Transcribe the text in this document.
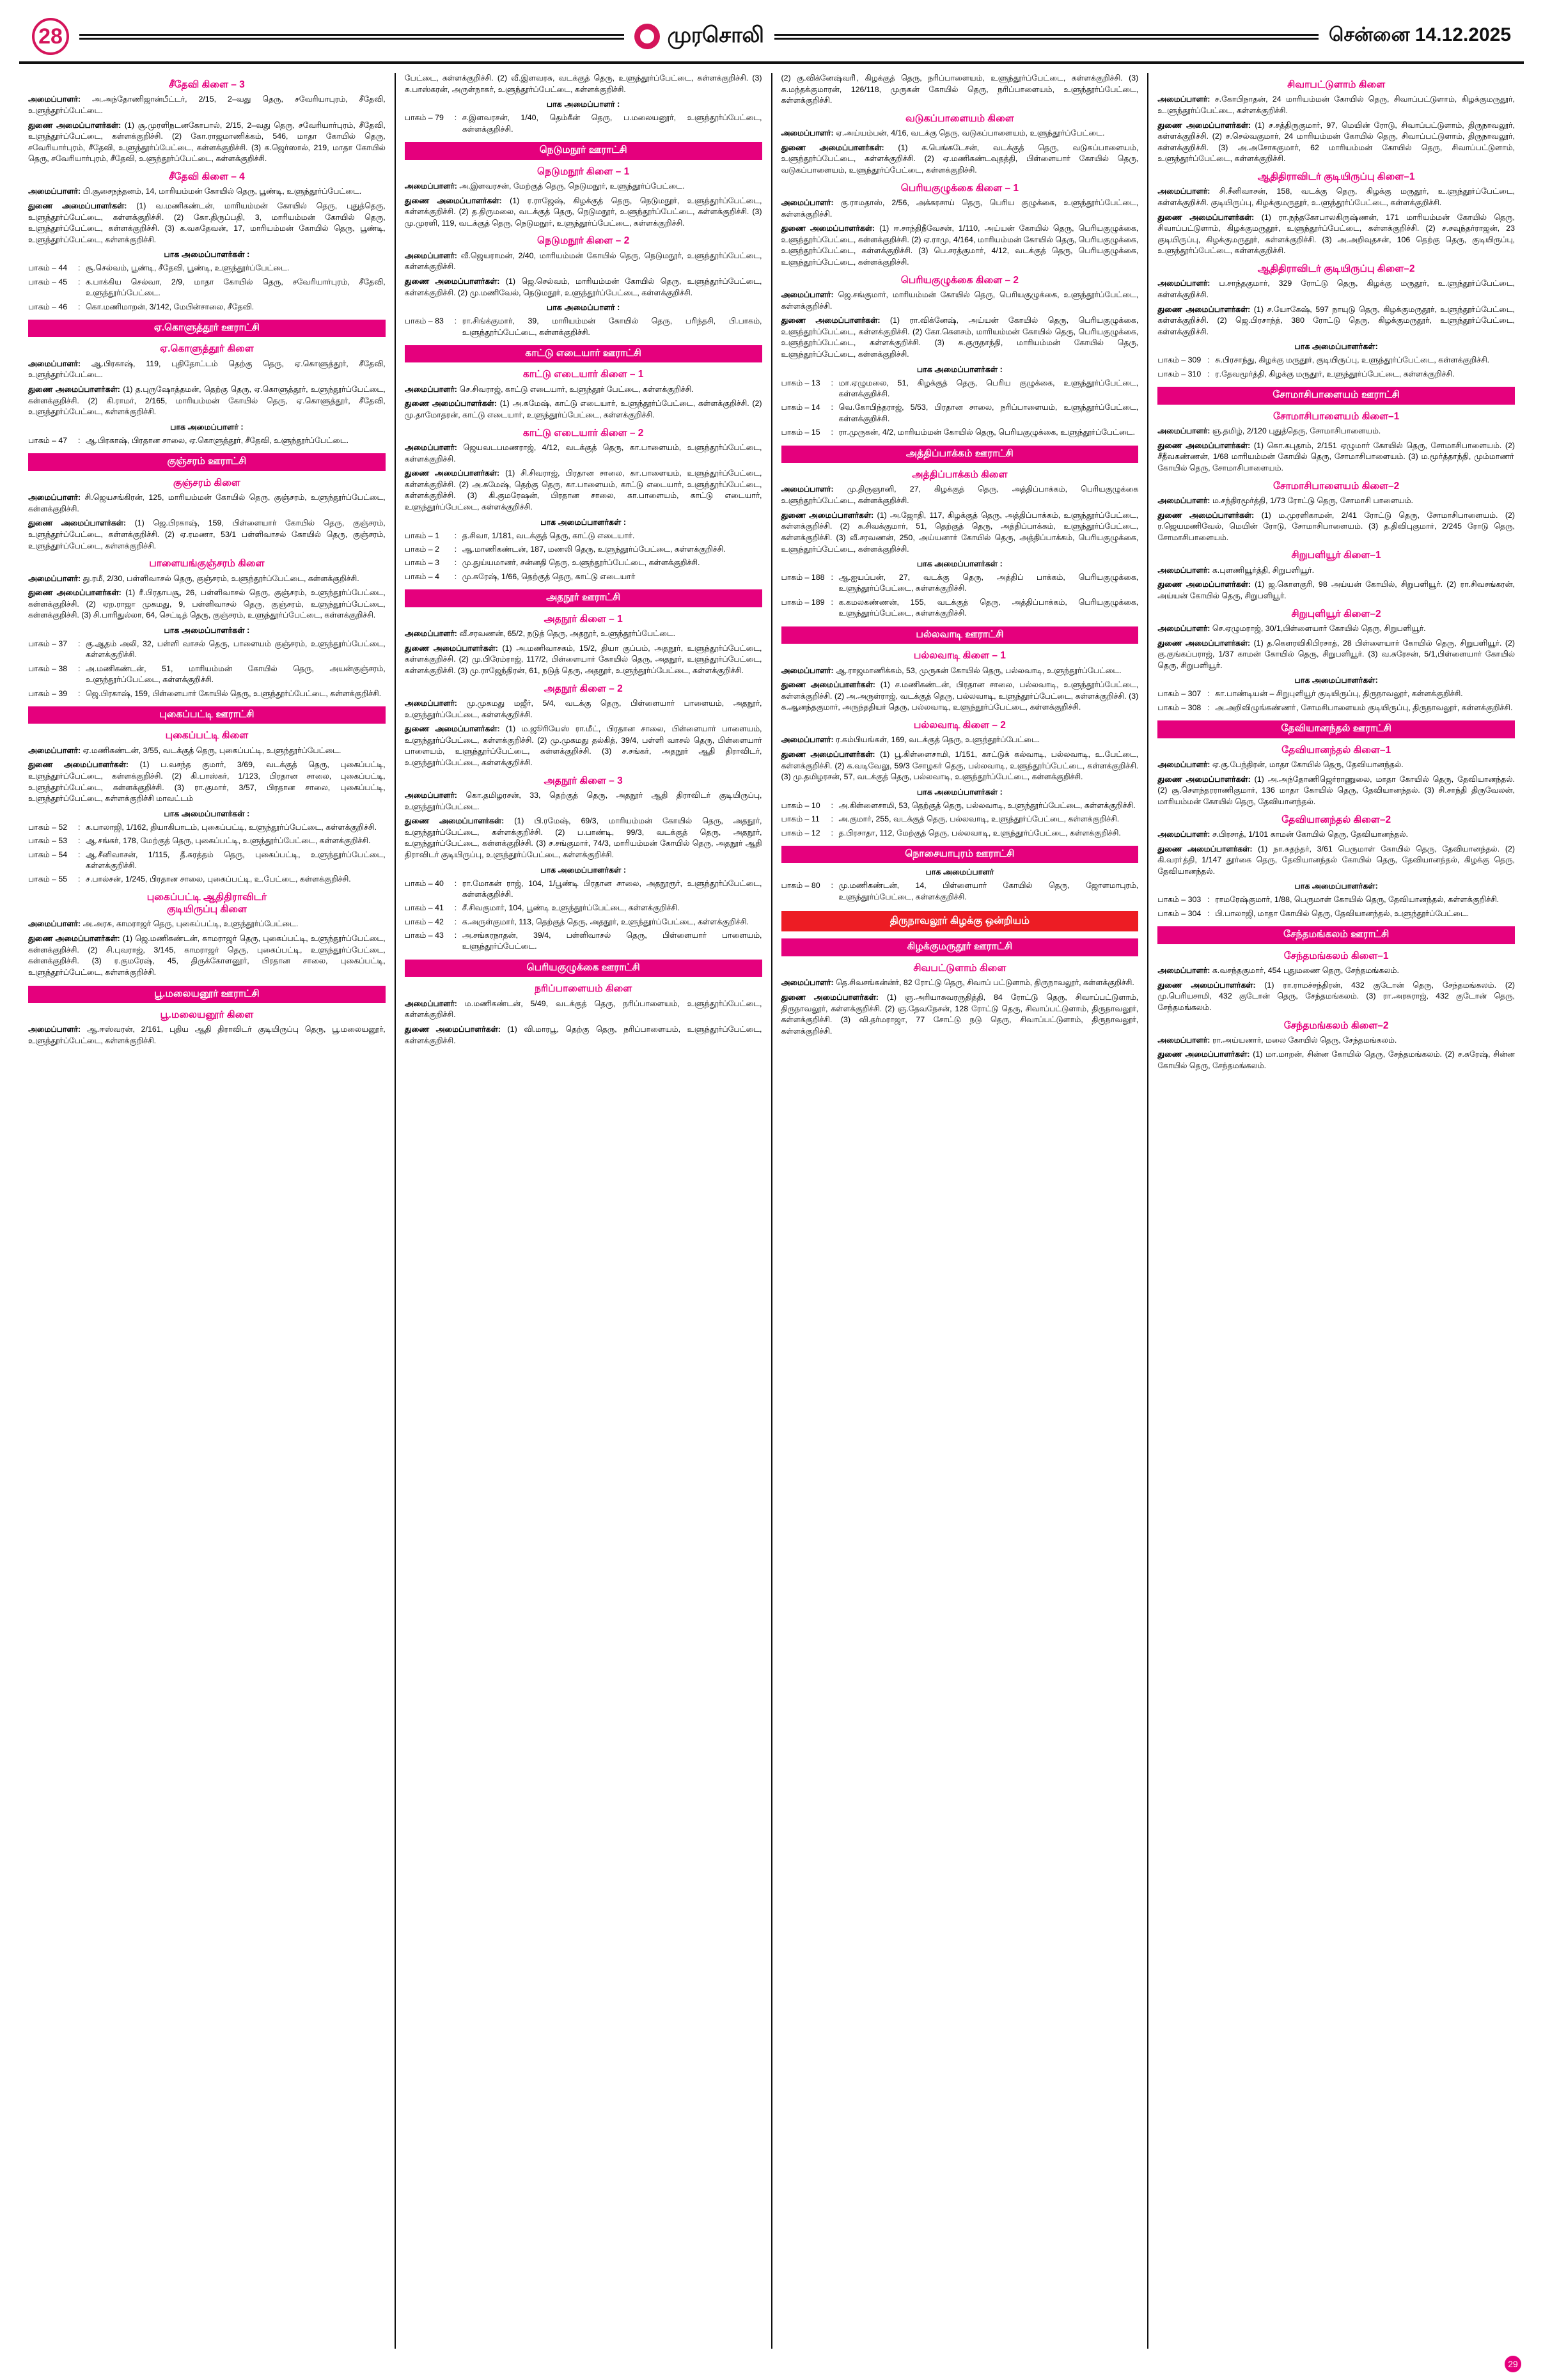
28	முரசொலி	சென்னை 14.12.2025
சீதேவி கிளை – 3

அமைப்பாளர்: அ.அந்தோணிஜான்பீட்டர், 2/15, 2–வது தெரு, சவேரியாபுரம், சீதேவி, உளுந்தூர்ப்பேட்டை.

துணை அமைப்பாளர்கள்: (1) சூ.முரளிநடனகோபால், 2/15, 2–வது தெரு, சவேரியார்புரம், சீதேவி, உளுந்தூர்ப்பேட்டை, கள்ளக்குறிச்சி. (2) கோ.ராஜமாணிக்கம், 546, மாதா கோயில் தெரு, சவேரியார்புரம், சீதேவி, உளுந்தூர்ப்பேட்டை, கள்ளக்குறிச்சி. (3) க.ஜெர்ஸால், 219, மாதா கோயில் தெரு, சவேரியார்புரம், சீதேவி, உளுந்தூர்ப்பேட்டை, கள்ளக்குறிச்சி.

சீதேவி கிளை – 4

அமைப்பாளர்: பி.சூசைநந்தனம், 14, மாரியம்மன் கோயில் தெரு, பூண்டி, உளுந்தூர்ப்பேட்டை.

துணை அமைப்பாளர்கள்: (1) வ.மணிகண்டன், மாரியம்மன் கோயில் தெரு, புதுத்தெரு, உளுந்தூர்ப்பேட்டை, கள்ளக்குறிச்சி. (2) கோ.திருப்பதி, 3, மாரியம்மன் கோயில் தெரு, உளுந்தூர்ப்பேட்டை, கள்ளக்குறிச்சி. (3) க.வசுதேவன், 17, மாரியம்மன் கோயில் தெரு, பூண்டி, உளுந்தூர்ப்பேட்டை, கள்ளக்குறிச்சி.

பாக அமைப்பாளர்கள் :
பாகம் – 44	: சூ.செல்வம், பூண்டி, சீதேவி, பூண்டி, உளுந்தூர்ப்பேட்டை.
பாகம் – 45	: க.பாக்கிய செல்வா, 2/9, மாதா கோயில் தெரு, சவேரியார்புரம், சீதேவி, உளுந்தூர்ப்பேட்டை.
பாகம் – 46	: கொ.மணிமாறன், 3/142, மேபின்சாலை, சீதேவி.
ஏ.கொளுத்தூர் ஊராட்சி
ஏ.கொளுத்தூர் கிளை

அமைப்பாளர்: ஆ.பிரகாஷ், 119, புதிதோட்டம் தெற்கு தெரு, ஏ.கொளுத்தூர், சீதேவி, உளுந்தூர்ப்பேட்டை.

துணை அமைப்பாளர்கள்: (1) த.புருஷோத்தமன், தெற்கு தெரு, ஏ.கொளுத்தூர், உளுந்தூர்ப்பேட்டை, கள்ளக்குறிச்சி. (2) கி.ராமர், 2/165, மாரியம்மன் கோயில் தெரு, ஏ.கொளுத்தூர், சீதேவி, உளுந்தூர்ப்பேட்டை, கள்ளக்குறிச்சி.

பாக அமைப்பாளர் :
பாகம் – 47	: ஆ.பிரகாஷ், பிரதான சாலை, ஏ.கொளுத்தூர், சீதேவி, உளுந்தூர்ப்பேட்டை.
குஞ்சரம் ஊராட்சி
குஞ்சரம் கிளை

அமைப்பாளர்: சி.ஜெயசங்கிரன், 125, மாரியம்மன் கோயில் தெரு, குஞ்சரம், உளுந்தூர்ப்பேட்டை, கள்ளக்குறிச்சி.

துணை அமைப்பாளர்கள்: (1) ஜெ.பிரகாஷ், 159, பிள்ளையார் கோயில் தெரு, குஞ்சரம், உளுந்தூர்ப்பேட்டை, கள்ளக்குறிச்சி. (2) ஏ.ரமணா, 53/1 பள்ளிவாசல் கோயில் தெரு, குஞ்சரம், உளுந்தூர்ப்பேட்டை, கள்ளக்குறிச்சி.

பாளையங்குஞ்சரம் கிளை

அமைப்பாளர்: து.ரமீ, 2/30, பள்ளிவாசல் தெரு, குஞ்சரம், உளுந்தூர்ப்பேட்டை, கள்ளக்குறிச்சி.

துணை அமைப்பாளர்கள்: (1) ரீ.பிரதாபசூ, 26, பள்ளிவாசல் தெரு, குஞ்சரம், உளுந்தூர்ப்பேட்டை, கள்ளக்குறிச்சி. (2) ஏற.ராஜா முகமது, 9, பள்ளிவாசல் தெரு, குஞ்சரம், உளுந்தூர்ப்பேட்டை, கள்ளக்குறிச்சி. (3) சி.பாரிதுல்லா, 64, செட்டித் தெரு, குஞ்சரம், உளுந்தூர்ப்பேட்டை, கள்ளக்குறிச்சி.

பாக அமைப்பாளர்கள் :
பாகம் – 37	: கு.ஆதம் அலி, 32, பள்ளி வாசல் தெரு, பாளையம் குஞ்சரம், உளுந்தூர்ப்பேட்டை, கள்ளக்குறிச்சி.
பாகம் – 38	: அ.மணிகண்டன், 51, மாரியம்மன் கோயில் தெரு, அயன்குஞ்சரம், உளுந்தூர்ப்பேட்டை, கள்ளக்குறிச்சி.
பாகம் – 39	: ஜெ.பிரகாஷ், 159, பிள்ளையார் கோயில் தெரு, உளுந்தூர்ப்பேட்டை, கள்ளக்குறிச்சி.
புகைப்பட்டி ஊராட்சி
புகைப்பட்டி கிளை

அமைப்பாளர்: ஏ.மணிகண்டன், 3/55, வடக்குத் தெரு, புகைப்பட்டி, உளுந்தூர்ப்பேட்டை.

துணை அமைப்பாளர்கள்: (1) ப.வசந்த குமார், 3/69, வடக்குத் தெரு, புகைப்பட்டி, உளுந்தூர்ப்பேட்டை, கள்ளக்குறிச்சி. (2) கி.பாஸ்கர், 1/123, பிரதான சாலை, புகைப்பட்டி, உளுந்தூர்ப்பேட்டை, கள்ளக்குறிச்சி. (3) ரா.குமார், 3/57, பிரதான சாலை, புகைப்பட்டி, உளுந்தூர்ப்பேட்டை, கள்ளக்குறிச்சி மாவட்டம்

பாக அமைப்பாளர்கள் :
பாகம் – 52	: க.பாலாஜி, 1/162, தியாகிபாடம், புகைப்பட்டி, உளுந்தூர்ப்பேட்டை, கள்ளக்குறிச்சி.
பாகம் – 53	: ஆ.சங்கர், 178, மேற்குத் தெரு, புகைப்பட்டி, உளுந்தூர்ப்பேட்டை, கள்ளக்குறிச்சி.
பாகம் – 54	: ஆ.சீனிவாசன், 1/115, தீ.சுரத்தம் தெரு, புகைப்பட்டி, உளுந்தூர்ப்பேட்டை, கள்ளக்குறிச்சி.
பாகம் – 55	: ச.பால்சன், 1/245, பிரதான சாலை, புகைப்பட்டி, உ.பேட்டை, கள்ளக்குறிச்சி.
புகைப்பட்டி ஆதிதிராவிடர்
குடியிருப்பு கிளை

அமைப்பாளர்: அ.அரசு, காமராஜர் தெரு, புகைப்பட்டி, உளுந்தூர்ப்பேட்டை.

துணை அமைப்பாளர்கள்: (1) ஜெ.மணிகண்டன், காமராஜர் தெரு, புகைப்பட்டி, உளுந்தூர்ப்பேட்டை, கள்ளக்குறிச்சி. (2) சி.புவராஜ், 3/145, காமராஜர் தெரு, புகைப்பட்டி, உளுந்தூர்ப்பேட்டை, கள்ளக்குறிச்சி. (3) ர.குமரேஷ், 45, திருக்கோளனூர், பிரதான சாலை, புகைப்பட்டி, உளுந்தூர்ப்பேட்டை, கள்ளக்குறிச்சி.

பூ.மலையனூர் ஊராட்சி
பூ.மலையனூர் கிளை

அமைப்பாளர்: ஆ.ஈஸ்வரன், 2/161, புதிய ஆதி திராவிடர் குடியிருப்பு தெரு, பூ.மலையனூர், உளுந்தூர்ப்பேட்டை, கள்ளக்குறிச்சி.

பேட்டை, கள்ளக்குறிச்சி. (2) வீ.இளவரசு, வடக்குத் தெரு, உளுந்தூர்ப்பேட்டை, கள்ளக்குறிச்சி. (3) சு.பாஸ்கரன், அருள்நாகர், உளுந்தூர்ப்பேட்டை, கள்ளக்குறிச்சி.

பாக அமைப்பாளர் :
பாகம் – 79	: ச.இளவரசன், 1/40, தெம்கீன் தெரு, ப.மலையனூர், உளுந்தூர்ப்பேட்டை, கள்ளக்குறிச்சி.
நெடுமநூர் ஊராட்சி
நெடுமநூர் கிளை – 1

அமைப்பாளர்: அ.இளவரசன், மேற்குத் தெரு, நெடுமநூர், உளுந்தூர்ப்பேட்டை.

துணை அமைப்பாளர்கள்: (1) ர.ராஜேஷ், கிழக்குத் தெரு, நெடுமநூர், உளுந்தூர்ப்பேட்டை, கள்ளக்குறிச்சி. (2) த.திருமலை, வடக்குத் தெரு, நெடுமநூர், உளுந்தூர்ப்பேட்டை, கள்ளக்குறிச்சி. (3) மு.முரளி, 119, வடக்குத் தெரு, நெடுமநூர், உளுந்தூர்ப்பேட்டை, கள்ளக்குறிச்சி.

நெடுமநூர் கிளை – 2

அமைப்பாளர்: வீ.ஜெயராமன், 2/40, மாரியம்மன் கோயில் தெரு, நெடுமநூர், உளுந்தூர்ப்பேட்டை, கள்ளக்குறிச்சி.

துணை அமைப்பாளர்கள்: (1) ஜெ.செல்வம், மாரியம்மன் கோயில் தெரு, உளுந்தூர்ப்பேட்டை, கள்ளக்குறிச்சி. (2) மு.மணிவேல், நெடுமநூர், உளுந்தூர்ப்பேட்டை, கள்ளக்குறிச்சி.

பாக அமைப்பாளர் :
பாகம் – 83	: ரா.சிங்க்குமார், 39, மாரியம்மன் கோயில் தெரு, பரிந்தசி, பி.பாகம், உளுந்தூர்ப்பேட்டை, கள்ளக்குறிச்சி.
காட்டு எடையார் ஊராட்சி
காட்டு எடையார் கிளை – 1

அமைப்பாளர்: செ.சிவராஜ், காட்டு எடையார், உளுந்தூர் பேட்டை, கள்ளக்குறிச்சி.

துணை அமைப்பாளர்கள்: (1) அ.கமேஷ், காட்டு எடையார், உளுந்தூர்ப்பேட்டை, கள்ளக்குறிச்சி. (2) மு.தாமோதரன், காட்டு எடையார், உளுந்தூர்ப்பேட்டை, கள்ளக்குறிச்சி.

காட்டு எடையார் கிளை – 2

அமைப்பாளர்: ஜெயவடபமணராஜ், 4/12, வடக்குத் தெரு, கா.பாளையம், உளுந்தூர்ப்பேட்டை, கள்ளக்குறிச்சி.

துணை அமைப்பாளர்கள்: (1) சி.சிவராஜ், பிரதான சாலை, கா.பாளையம், உளுந்தூர்ப்பேட்டை, கள்ளக்குறிச்சி. (2) அ.கமேஷ், தெற்கு தெரு, கா.பாளையம், காட்டு எடையார், உளுந்தூர்ப்பேட்டை, கள்ளக்குறிச்சி. (3) கி.குமரேஷன், பிரதான சாலை, கா.பாளையம், காட்டு எடையார், உளுந்தூர்ப்பேட்டை, கள்ளக்குறிச்சி.

பாக அமைப்பாளர்கள் :
பாகம் – 1	: த.சிவா, 1/181, வடக்குத் தெரு, காட்டு எடையார்.
பாகம் – 2	: ஆ.மாணிகண்டன், 187, மணலி தெரு, உளுந்தூர்ப்பேட்டை, கள்ளக்குறிச்சி.
பாகம் – 3	: மு.துய்யமானர், சன்னதி தெரு, உளுந்தூர்ப்பேட்டை, கள்ளக்குறிச்சி.
பாகம் – 4	: மு.சுரேஷ், 1/66, தெற்குத் தெரு, காட்டு எடையார்
அதநூர் ஊராட்சி
அதநூர் கிளை – 1

அமைப்பாளர்: வீ.சரவணன், 65/2, நடுத் தெரு, அதநூர், உளுந்தூர்ப்பேட்டை.

துணை அமைப்பாளர்கள்: (1) அ.மணிவாசகம், 15/2, தியா குப்பம், அதநூர், உளுந்தூர்ப்பேட்டை, கள்ளக்குறிச்சி. (2) மு.பிரேம்ராஜ், 117/2, பிள்ளையார் கோயில் தெரு, அதநூர், உளுந்தூர்ப்பேட்டை, கள்ளக்குறிச்சி. (3) மு.ராஜேந்திரன், 61, நடுத் தெரு, அதநூர், உளுந்தூர்ப்பேட்டை, கள்ளக்குறிச்சி.

அதநூர் கிளை – 2

அமைப்பாளர்: மு.முகமது மஜீர், 5/4, வடக்கு தெரு, பிள்ளையார் பாளையம், அதநூர், உளுந்தூர்ப்பேட்டை, கள்ளக்குறிச்சி.

துணை அமைப்பாளர்கள்: (1) ம.ஜூரியேஸ் ரா.மீட், பிரதான சாலை, பிள்ளையார் பாளையம், உளுந்தூர்ப்பேட்டை, கள்ளக்குறிச்சி. (2) மு.முகமது தல்கித், 39/4, பள்ளி வாசல் தெரு, பிள்ளையார் பாளையம், உளுந்தூர்ப்பேட்டை, கள்ளக்குறிச்சி. (3) ச.சங்கர், அதநூர் ஆதி திராவிடர், உளுந்தூர்ப்பேட்டை, கள்ளக்குறிச்சி.

அதநூர் கிளை – 3

அமைப்பாளர்: கொ.தமிழரசன், 33, தெற்குத் தெரு, அதநூர் ஆதி திராவிடர் குடியிருப்பு, உளுந்தூர்ப்பேட்டை.

துணை அமைப்பாளர்கள்: (1) பி.ரமேஷ், 69/3, மாரியம்மன் கோயில் தெரு, அதநூர், உளுந்தூர்ப்பேட்டை, கள்ளக்குறிச்சி. (2) ப.பாண்டி, 99/3, வடக்குத் தெரு, அதநூர், உளுந்தூர்ப்பேட்டை, கள்ளக்குறிச்சி. (3) ச.சங்குமார், 74/3, மாரியம்மன் கோயில் தெரு, அதநூர் ஆதி திராவிடர் குடியிருப்பு, உளுந்தூர்ப்பேட்டை, கள்ளக்குறிச்சி.

பாக அமைப்பாளர்கள் :
பாகம் – 40	: ரா.மோகன் ராஜ், 104, 1/பூண்டி பிரதான சாலை, அதநூரூர், உளுந்தூர்ப்பேட்டை, கள்ளக்குறிச்சி.
பாகம் – 41	: சீ.சிவகுமார், 104, பூண்டி உளுந்தூர்ப்பேட்டை, கள்ளக்குறிச்சி.
பாகம் – 42	: க.அருள்குமார், 113, தெற்குத் தெரு, அதநூர், உளுந்தூர்ப்பேட்டை, கள்ளக்குறிச்சி.
பாகம் – 43	: அ.சங்கரநாதன், 39/4, பள்ளிவாசல் தெரு, பிள்ளையார் பாளையம், உளுந்தூர்ப்பேட்டை.
பெரியகுழுக்கை ஊராட்சி
நரிப்பாளையம் கிளை

அமைப்பாளர்: ம.மணிகண்டன், 5/49, வடக்குத் தெரு, நரிப்பாளையம், உளுந்தூர்ப்பேட்டை, கள்ளக்குறிச்சி.

துணை அமைப்பாளர்கள்: (1) வி.மாரபூ, தெற்கு தெரு, நரிப்பாளையம், உளுந்தூர்ப்பேட்டை, கள்ளக்குறிச்சி.

(2) கு.விக்னேஷ்வரி், கிழக்குத் தெரு, நரிப்பாளையம், உளுந்தூர்ப்பேட்டை, கள்ளக்குறிச்சி. (3) சு.மந்தக்குமாரன், 126/118, முருகன் கோயில் தெரு, நரிப்பாளையம், உளுந்தூர்ப்பேட்டை, கள்ளக்குறிச்சி.

வடுகப்பாளையம் கிளை

அமைப்பாளர்: ஏ.அய்யம்பன், 4/16, வடக்கு தெரு, வடுகப்பாளையம், உளுந்தூர்ப்பேட்டை.

துணை அமைப்பாளர்கள்: (1) க.பெங்கடேசன், வடக்குத் தெரு, வடுகப்பாளையம், உளுந்தூர்ப்பேட்டை, கள்ளக்குறிச்சி. (2) ஏ.மணிகண்டவுதத்தி, பிள்ளையார் கோயில் தெரு, வடுகப்பாளையம், உளுந்தூர்ப்பேட்டை, கள்ளக்குறிச்சி.

பெரியகுழுக்கை கிளை – 1

அமைப்பாளர்: கு.ராமதாஸ், 2/56, அக்கரசாய் தெரு, பெரிய குழுக்கை, உளுந்தூர்ப்பேட்டை, கள்ளக்குறிச்சி.

துணை அமைப்பாளர்கள்: (1) ஈ.சாந்திநீவேசன், 1/110, அய்யன் கோயில் தெரு, பெரியகுழுக்கை, உளுந்தூர்ப்பேட்டை, கள்ளக்குறிச்சி. (2) ஏ.ராமு, 4/164, மாரியம்மன் கோயில் தெரு, பெரியகுழுக்கை, உளுந்தூர்ப்பேட்டை, கள்ளக்குறிச்சி. (3) பெ.சரத்குமார், 4/12, வடக்குத் தெரு, பெரியகுழுக்கை, உளுந்தூர்ப்பேட்டை, கள்ளக்குறிச்சி.

பெரியகுழுக்கை கிளை – 2

அமைப்பாளர்: ஜெ.சங்குமார், மாரியம்மன் கோயில் தெரு, பெரியகுழுக்கை, உளுந்தூர்ப்பேட்டை, கள்ளக்குறிச்சி.

துணை அமைப்பாளர்கள்: (1) ரா.விக்னேஷ், அய்யன் கோயில் தெரு, பெரியகுழுக்கை, உளுந்தூர்ப்பேட்டை, கள்ளக்குறிச்சி. (2) கோ.கௌசம், மாரியம்மன் கோயில் தெரு, பெரியகுழுக்கை, உளுந்தூர்ப்பேட்டை, கள்ளக்குறிச்சி. (3) சு.குருநாந்தி, மாரியம்மன் கோயில் தெரு, உளுந்தூர்ப்பேட்டை, கள்ளக்குறிச்சி.

பாக அமைப்பாளர்கள் :
பாகம் – 13	: மா.ஏழுமலை, 51, கிழக்குத் தெரு, பெரிய குழுக்கை, உளுந்தூர்ப்பேட்டை, கள்ளக்குறிச்சி.
பாகம் – 14	: வெ.கோபிந்தராஜ், 5/53, பிரதான சாலை, நரிப்பாளையம், உளுந்தூர்ப்பேட்டை, கள்ளக்குறிச்சி.
பாகம் – 15	: ரா.முருகன், 4/2, மாரியம்மன் கோயில் தெரு, பெரியகுழுக்கை, உளுந்தூர்ப்பேட்டை.
அத்திப்பாக்கம் ஊராட்சி
அத்திப்பாக்கம் கிளை

அமைப்பாளர்: மு.திருஞானி, 27, கிழக்குத் தெரு, அத்திப்பாக்கம், பெரியகுழுக்கை உளுந்தூர்ப்பேட்டை, கள்ளக்குறிச்சி.

துணை அமைப்பாளர்கள்: (1) அ.ஜோதி, 117, கிழக்குத் தெரு, அத்திப்பாக்கம், உளுந்தூர்ப்பேட்டை, கள்ளக்குறிச்சி. (2) சு.சிவக்குமார், 51, தெற்குத் தெரு, அத்திப்பாக்கம், உளுந்தூர்ப்பேட்டை, கள்ளக்குறிச்சி. (3) வீ.சரவணன், 250, அய்யனார் கோயில் தெரு, அத்திப்பாக்கம், பெரியகுழுக்கை, உளுந்தூர்ப்பேட்டை, கள்ளக்குறிச்சி.

பாக அமைப்பாளர்கள் :
பாகம் – 188 : ஆ.ஐயப்பன், 27, வடக்கு தெரு, அத்திப் பாக்கம், பெரியகுழுக்கை, உளுந்தூர்ப்பேட்டை, கள்ளக்குறிச்சி.
பாகம் – 189 : க.கமலகண்ணன், 155, வடக்குத் தெரு, அத்திப்பாக்கம், பெரியகுழுக்கை, உளுந்தூர்ப்பேட்டை, கள்ளக்குறிச்சி.
பல்லவாடி ஊராட்சி
பல்லவாடி கிளை – 1

அமைப்பாளர்: ஆ.ராஜமாணிக்கம், 53, முருகன் கோயில் தெரு, பல்லவாடி, உளுந்தூர்ப்பேட்டை.

துணை அமைப்பாளர்கள்: (1) ச.மணிகண்டன், பிரதான சாலை, பல்லவாடி, உளுந்தூர்ப்பேட்டை, கள்ளக்குறிச்சி. (2) அ.அருள்ராஜ், வடக்குத் தெரு, பல்லவாடி, உளுந்தூர்ப்பேட்டை, கள்ளக்குறிச்சி. (3) க.ஆனந்தகுமார், அருந்ததியர் தெரு, பல்லவாடி, உளுந்தூர்ப்பேட்டை, கள்ளக்குறிச்சி.

பல்லவாடி கிளை – 2

அமைப்பாளர்: ர.கம்பியங்கள், 169, வடக்குத் தெரு, உளுந்தூர்ப்பேட்டை.

துணை அமைப்பாளர்கள்: (1) பூ.கிள்ளைசாமி, 1/151, காட்டுக் கல்வாடி, பல்லவாடி, உ.பேட்டை, கள்ளக்குறிச்சி. (2) க.வடிவேலு, 59/3 சோழகர் தெரு, பல்லவாடி, உளுந்தூர்ப்பேட்டை, கள்ளக்குறிச்சி. (3) மு.தமிழரசன், 57, வடக்குத் தெரு, பல்லவாடி, உளுந்தூர்ப்பேட்டை, கள்ளக்குறிச்சி.

பாக அமைப்பாளர்கள் :
பாகம் – 10	: அ.கிள்ளைசாமி, 53, தெற்குத் தெரு, பல்லவாடி, உளுந்தூர்ப்பேட்டை, கள்ளக்குறிச்சி.
பாகம் – 11	: அ.குமார், 255, வடக்குத் தெரு, பல்லவாடி, உளுந்தூர்ப்பேட்டை, கள்ளக்குறிச்சி.
பாகம் – 12	: த.பிரசாதா, 112, மேற்குத் தெரு, பல்லவாடி, உளுந்தூர்ப்பேட்டை, கள்ளக்குறிச்சி.
நொசையாபுரம் ஊராட்சி
பாக அமைப்பாளர்
பாகம் – 80	: மு.மணிகண்டன், 14, பிள்ளையார் கோயில் தெரு, ஜோளமாபுரம், உளுந்தூர்ப்பேட்டை, கள்ளக்குறிச்சி.
திருநாவலூர் கிழக்கு ஒன்றியம்
கிழக்குமருதூர் ஊராட்சி
சிவபட்டுளாம் கிளை

அமைப்பாளர்: தெ.சிவசங்கன்ன்ர், 82 ரோட்டு தெரு, சிவாப் பட்டுளாம், திருநாவலூர், கள்ளக்குறிச்சி.

துணை அமைப்பாளர்கள்: (1) ஞ.அரியாசுவரருதித்தி, 84 ரோட்டு தெரு, சிவாப்பட்டுளாம், திருநாவலூர், கள்ளக்குறிச்சி. (2) ஞ.தேவநேசன், 128 ரோட்டு தெரு, சிவாப்பட்டுளாம், திருநாவலூர், கள்ளக்குறிச்சி. (3) வி.தர்மராஜா, 77 சோட்டு நடு தெரு, சிவாப்பட்டுளாம், திருநாவலூர், கள்ளக்குறிச்சி.

சிவாபட்டுளாம் கிளை

அமைப்பாளர்: ச.கோபிநாதன், 24 மாரியம்மன் கோயில் தெரு, சிவாப்பட்டுளாம், கிழக்குமருதூர், உ.ளுந்தூர்ப்பேட்டை, கள்ளக்குறிச்சி.

துணை அமைப்பாளர்கள்: (1) ச.சத்திருகுமார், 97, மெயின் ரோடு, சிவாப்பட்டுளாம், திருநாவலூர், கள்ளக்குறிச்சி. (2) ச.செல்வகுமார், 24 மாரியம்மன் கோயில் தெரு, சிவாப்பட்டுளாம், திருநாவலூர், கள்ளக்குறிச்சி. (3) அ.அசோககுமார், 62 மாரியம்மன் கோயில் தெரு, சிவாப்பட்டுளாம், உளுந்தூர்ப்பேட்டை, கள்ளக்குறிச்சி.

ஆதிதிராவிடர் குடியிருப்பு கிளை–1

அமைப்பாளர்: சி.சீனிவாசன், 158, வடக்கு தெரு, கிழக்கு மருதூர், உ.ளுந்தூர்ப்பேட்டை, கள்ளக்குறிச்சி. குடியிருப்பு, கிழக்குமருதூர், உ.ளுந்தூர்ப்பேட்டை, கள்ளக்குறிச்சி.

துணை அமைப்பாளர்கள்: (1) ரா.நந்தகோபாலகிருஷ்ணன், 171 மாரியம்மன் கோயில் தெரு, சிவாப்பட்டுளாம், கிழக்குமருதூர், உளுந்தூர்ப்பேட்டை, கள்ளக்குறிச்சி. (2) ச.சவுந்தர்ராஜன், 23 குடியிருப்பு, கிழக்குமருதூர், கள்ளக்குறிச்சி. (3) அ.அறிவுதசன், 106 தெற்கு தெரு, குடியிருப்பு, உளுந்தூர்ப்பேட்டை, கள்ளக்குறிச்சி.

ஆதிதிராவிடர் குடியிருப்பு கிளை–2

அமைப்பாளர்: ப.சாந்தகுமார், 329 ரோட்டு தெரு, கிழக்கு மருதூர், உ.ளுந்தூர்ப்பேட்டை, கள்ளக்குறிச்சி.

துணை அமைப்பாளர்கள்: (1) ச.யோகேஷ், 597 நாயுடு தெரு, கிழக்குமருதூர், உளுந்தூர்ப்பேட்டை, கள்ளக்குறிச்சி. (2) ஜெ.பிரசாந்த், 380 ரோட்டு தெரு, கிழக்குமருதூர், உளுந்தூர்ப்பேட்டை, கள்ளக்குறிச்சி.

பாக அமைப்பாளர்கள்:
பாகம் – 309 : சு.பிரசாந்து, கிழக்கு மருதூர், குடியிருப்பு, உளுந்தூர்ப்பேட்டை, கள்ளக்குறிச்சி.
பாகம் – 310 : ர.தேவமூர்த்தி, கிழக்கு மருதூர், உளுந்தூர்ப்பேட்டை, கள்ளக்குறிச்சி.
சோமாசிபாளையம் ஊராட்சி
சோமாசிபாளையம் கிளை–1

அமைப்பாளர்: ஞ.தமிழ், 2/120 புதுத்தெரு, சோமாசிபாளையம்.

துணை அமைப்பாளர்கள்: (1) கொ.கபுதாம், 2/151 ஏழுமார் கோயில் தெரு, சோமாசிபாளையம். (2) சீதீவகண்ணன், 1/68 மாரியம்மன் கோயில் தெரு, சோமாசிபாளையம். (3) ம.மூர்த்தாந்தி, மும்மாணா் கோயில் தெரு, சோமாசிபாளையம்.

சோமாசிபாளையம் கிளை–2

அமைப்பாளர்: ம.சந்திரமூர்த்தி, 1/73 ரோட்டு தெரு, சோமாசி பாளையம்.

துணை அமைப்பாளர்கள்: (1) ம.முரளிகாமன், 2/41 ரோட்டு தெரு, சோமாசிபாளையம். (2) ர.ஜெயமணிவேல், மெயின் ரோடு, சோமாசிபாளையம். (3) த.திவிபுகுமார், 2/245 ரோடு தெரு, சோமாசிபாளையம்.

சிறுபளியூர் கிளை–1

அமைப்பாளர்: க.புளணியூர்த்தி, சிறுபளியூர்.

துணை அமைப்பாளர்கள்: (1) ஜ.கொளகுரி, 98 அய்யன் கோயில், சிறுபளியூர். (2) ரா.சிவசங்கரன், அய்யன் கோயில் தெரு, சிறுபளியூர்.

சிறுபுளியூர் கிளை–2

அமைப்பாளர்: செ.ஏழுமராஜ், 30/1,பிள்ளையார் கோயில் தெரு, சிறுபளியூர்.

துணை அமைப்பாளர்கள்: (1) த.கௌரவிகிபிரசாத், 28 பிள்ளையார் கோயில் தெரு, சிறுபளியூர். (2) கு.குங்கப்பராஜ், 1/37 காமன் கோயில் தெரு, சிறுபளியூர். (3) வ.சுரேசன், 5/1,பிள்ளையார் கோயில் தெரு, சிறுபளியூர்.

பாக அமைப்பாளர்கள்:
பாகம் – 307 : கா.பாண்டியன் – சிறுபுளியூர் குடியிருப்பு, திருநாவலூர், கள்ளக்குறிச்சி.
பாகம் – 308 : அ.அறிவிழுங்கண்ணா், சோமசிபாளையம் குடியிருப்பு, திருநாவலூர், கள்ளக்குறிச்சி.
தேவியானந்தல் ஊராட்சி
தேவியானந்தல் கிளை–1

அமைப்பாளர்: ஏ.கு.பேந்திரன், மாதா கோயில் தெரு, தேவியானந்தல்.

துணை அமைப்பாளர்கள்: (1) அ.அந்தோணிஜெர்ராணுலை, மாதா கோயில் தெரு, தேவியானந்தல். (2) சூ.சௌந்தரராணிகுமார், 136 மாதா கோயில் தெரு, தேவியானந்தல். (3) சி.சாந்தி திருவேலன், மாரியம்மன் கோயில் தெரு, தேவியானந்தல்.

தேவியானந்தல் கிளை–2

அமைப்பாளர்: ச.பிரசாத், 1/101 காமன் கோயில் தெரு, தேவியானந்தல்.

துணை அமைப்பாளர்கள்: (1) நா.சுதந்தர், 3/61 பெருமாள் கோயில் தெரு, தேவியானந்தல். (2) கி.வரா்த்தி, 1/147 தூர்கை தெரு, தேவியானந்தல் கோயில் தெரு, தேவியானந்தல், கிழக்கு தெரு, தேவியானந்தல்.

பாக அமைப்பாளர்கள்:
பாகம் – 303 : ராமரேஷ்குமார், 1/88, பெருமாள் கோயில் தெரு, தேவியானந்தல், கள்ளக்குறிச்சி.
பாகம் – 304 : பி.பாலாஜி, மாதா கோயில் தெரு, தேவியானந்தல், உளுந்தூர்ப்பேட்டை.
சேந்தமங்கலம் ஊராட்சி
சேந்தமங்கலம் கிளை–1

அமைப்பாளர்: க.வசந்தகுமார், 454 புதுமணை தெரு, சேந்தமங்கலம்.

துணை அமைப்பாளர்கள்: (1) ரா.ராமச்சந்திரன், 432 குடோன் தெரு, சேந்தமங்கலம். (2) மு.பெரியசாமி, 432 குடோன் தெரு, சேந்தமங்கலம். (3) ரா.அரசுராஜ், 432 குடோன் தெரு, சேந்தமங்கலம்.

சேந்தமங்கலம் கிளை–2

அமைப்பாளர்: ரா.அய்யனார், மலை கோயில் தெரு, சேந்தமங்கலம்.

துணை அமைப்பாளர்கள்: (1) மா.மாறன், சின்ன கோயில் தெரு, சேந்தமங்கலம். (2) ச.சுரேஷ், சின்ன கோயில் தெரு, சேந்தமங்கலம்.

29
